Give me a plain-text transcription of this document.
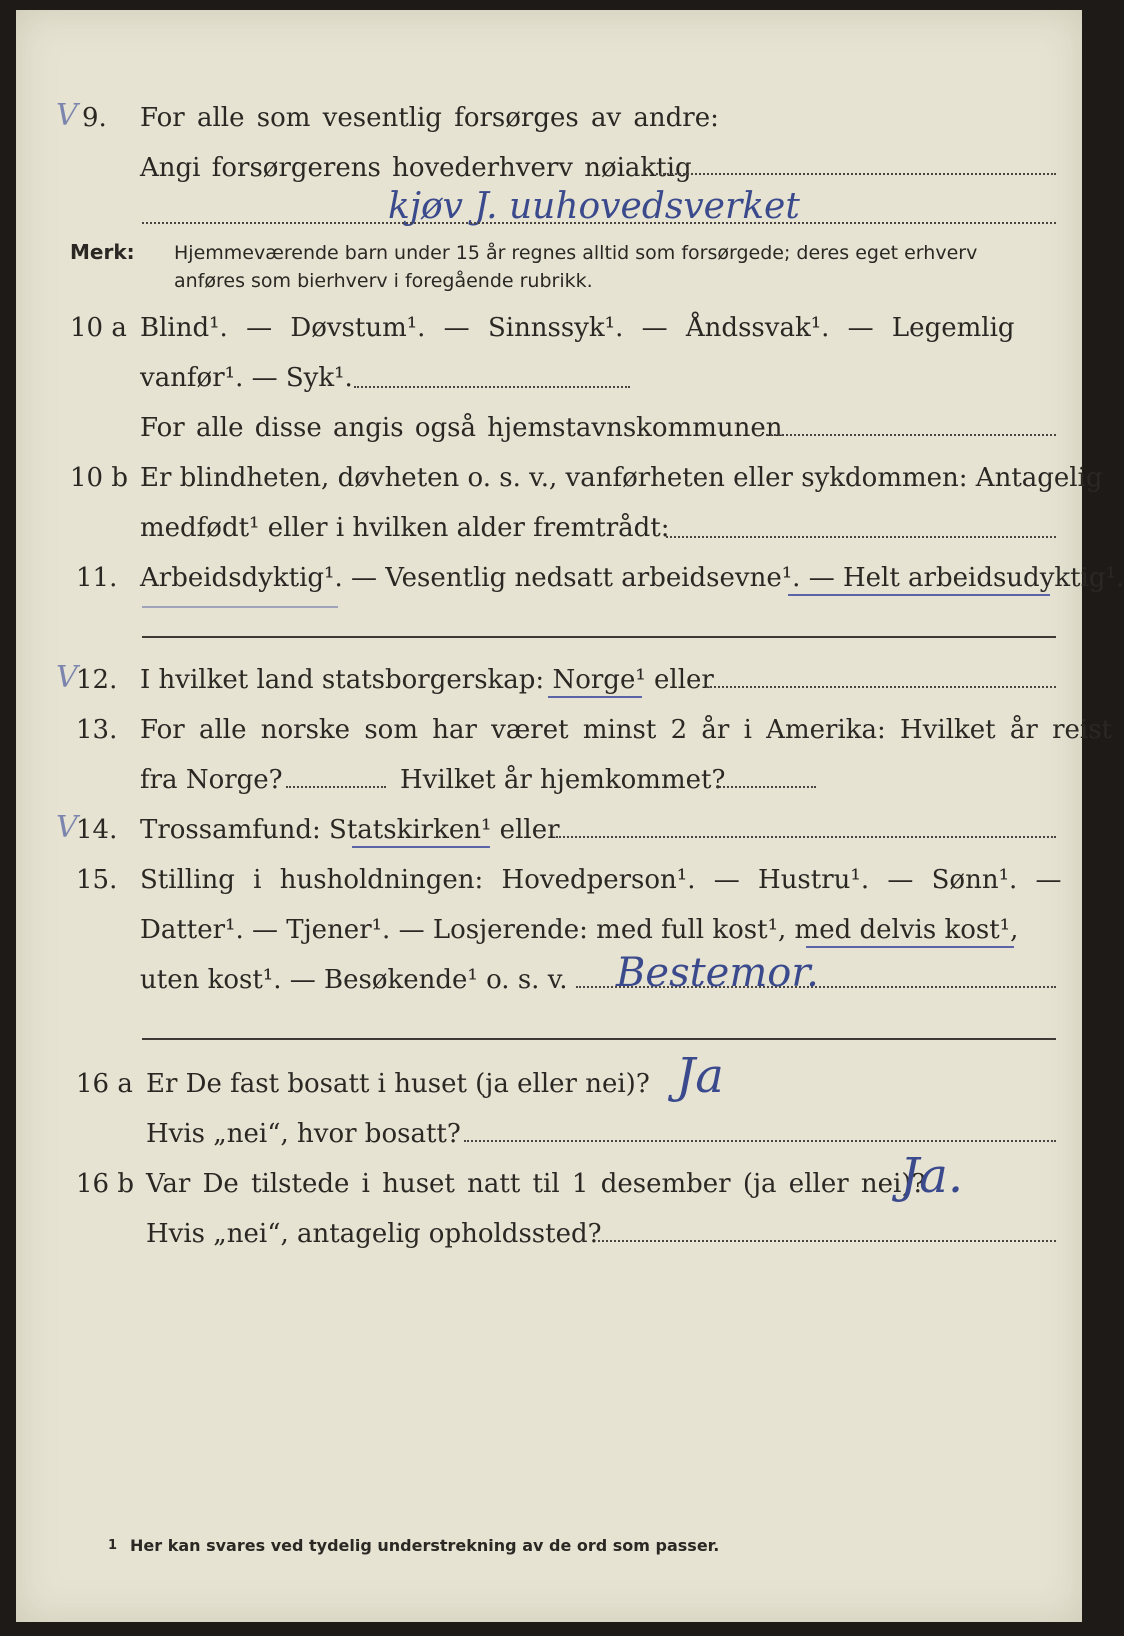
V 9. For alle som vesentlig forsørges av andre:
Angi forsørgerens hovederhverv nøiaktig
kjøv J. uuhovedsverket
Merk: Hjemmeværende barn under 15 år regnes alltid som forsørgede; deres eget erhverv
anføres som bierhverv i foregående rubrikk.
10 a Blind¹. — Døvstum¹. — Sinnssyk¹. — Åndssvak¹. — Legemlig
vanfør¹. — Syk¹.
For alle disse angis også hjemstavnskommunen
10 b Er blindheten, døvheten o. s. v., vanførheten eller sykdommen: Antagelig
medfødt¹ eller i hvilken alder fremtrådt:
11. Arbeidsdyktig¹. — Vesentlig nedsatt arbeidsevne¹. — Helt arbeidsudyktig¹.
V
12. I hvilket land statsborgerskap: Norge¹ eller
13. For alle norske som har været minst 2 år i Amerika: Hvilket år reist
fra Norge?	Hvilket år hjemkommet?
V
14. Trossamfund: Statskirken¹ eller
15. Stilling i husholdningen: Hovedperson¹. — Hustru¹. — Sønn¹. —
Datter¹. — Tjener¹. — Losjerende: med full kost¹, med delvis kost¹,
uten kost¹. — Besøkende¹ o. s. v. Bestemor.
16 a Er De fast bosatt i huset (ja eller nei)? Ja
Hvis „nei“, hvor bosatt?
16 b Var De tilstede i huset natt til 1 desember (ja eller nei)?
Ja.
Hvis „nei“, antagelig opholdssted?
1 Her kan svares ved tydelig understrekning av de ord som passer.
